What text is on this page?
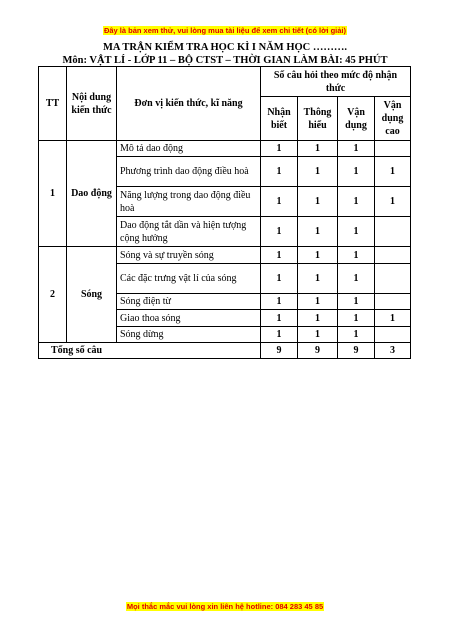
Đây là bản xem thử, vui lòng mua tài liệu để xem chi tiết (có lời giải)
MA TRẬN KIỂM TRA HỌC KÌ I NĂM HỌC ……….
Môn: VẬT LÍ - LỚP 11 – BỘ CTST – THỜI GIAN LÀM BÀI: 45 PHÚT
TT	Nội dung kiến thức	Đơn vị kiến thức, kĩ năng	Số câu hỏi theo mức độ nhận thức			
			Nhận biết	Thông hiểu	Vận dụng	Vận dụng cao
1	Dao động	Mô tả dao động	1	1	1	
		Phương trình dao động điều hoà	1	1	1	1
		Năng lượng trong dao động điều hoà	1	1	1	1
		Dao động tắt dần và hiện tượng cộng hưởng	1	1	1	
2	Sóng	Sóng và sự truyền sóng	1	1	1	
		Các đặc trưng vật lí của sóng	1	1	1	
		Sóng điện từ	1	1	1	
		Giao thoa sóng	1	1	1	1
		Sóng dừng	1	1	1	
Tổng số câu			9	9	9	3
Mọi thắc mắc vui lòng xin liên hệ hotline: 084 283 45 85
